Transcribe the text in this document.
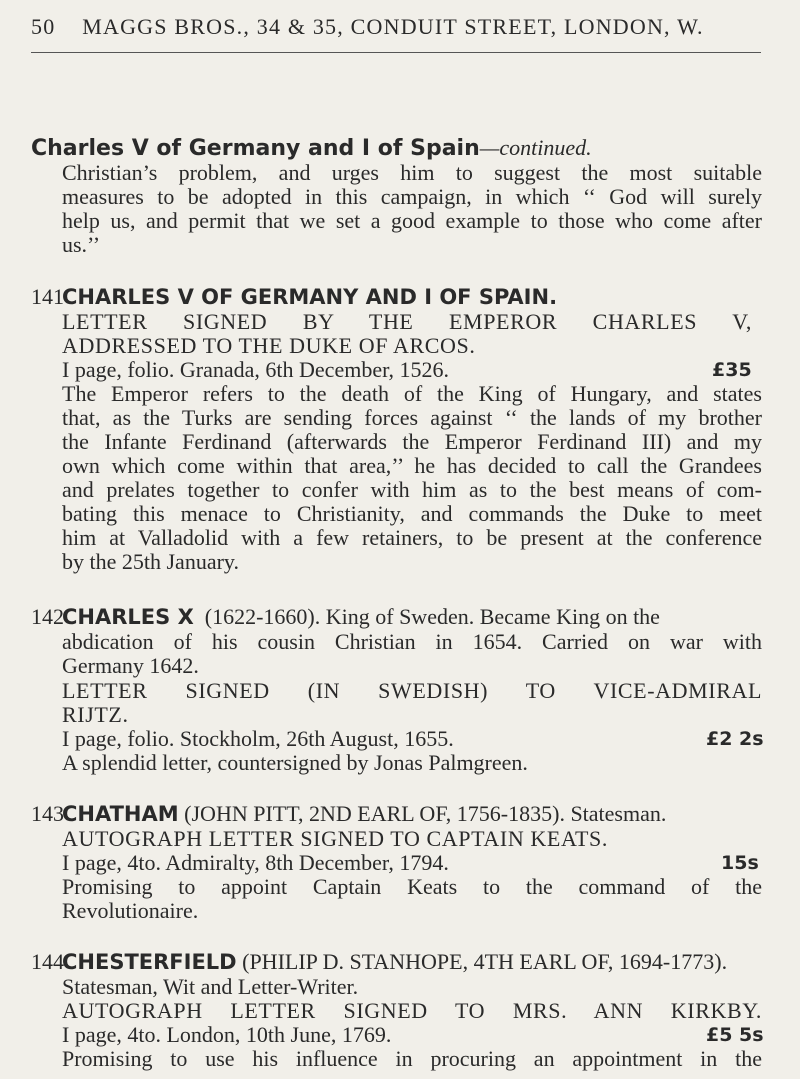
50 MAGGS BROS., 34 & 35, CONDUIT STREET, LONDON, W.
Charles V of Germany and I of Spain—continued.
Christian’s problem, and urges him to suggest the most suitable
measures to be adopted in this campaign, in which ‘‘ God will surely
help us, and permit that we set a good example to those who come after
us.’’
141
CHARLES V OF GERMANY AND I OF SPAIN.
LETTER SIGNED BY THE EMPEROR CHARLES V,
ADDRESSED TO THE DUKE OF ARCOS.
I page, folio. Granada, 6th December, 1526.	£35
The Emperor refers to the death of the King of Hungary, and states
that, as the Turks are sending forces against ‘‘ the lands of my brother
the Infante Ferdinand (afterwards the Emperor Ferdinand III) and my
own which come within that area,’’ he has decided to call the Grandees
and prelates together to confer with him as to the best means of com-
bating this menace to Christianity, and commands the Duke to meet
him at Valladolid with a few retainers, to be present at the conference
by the 25th January.
142
CHARLES X (1622-1660). King of Sweden. Became King on the
abdication of his cousin Christian in 1654. Carried on war with
Germany 1642.
LETTER SIGNED (IN SWEDISH) TO VICE-ADMIRAL
RIJTZ.
I page, folio. Stockholm, 26th August, 1655.	£2 2s
A splendid letter, countersigned by Jonas Palmgreen.
143
CHATHAM (JOHN PITT, 2ND EARL OF, 1756-1835). Statesman.
AUTOGRAPH LETTER SIGNED TO CAPTAIN KEATS.
I page, 4to. Admiralty, 8th December, 1794.	15s
Promising to appoint Captain Keats to the command of the
Revolutionaire.
144
CHESTERFIELD (PHILIP D. STANHOPE, 4TH EARL OF, 1694-1773).
Statesman, Wit and Letter-Writer.
AUTOGRAPH LETTER SIGNED TO MRS. ANN KIRKBY.
I page, 4to. London, 10th June, 1769.	£5 5s
Promising to use his influence in procuring an appointment in the
